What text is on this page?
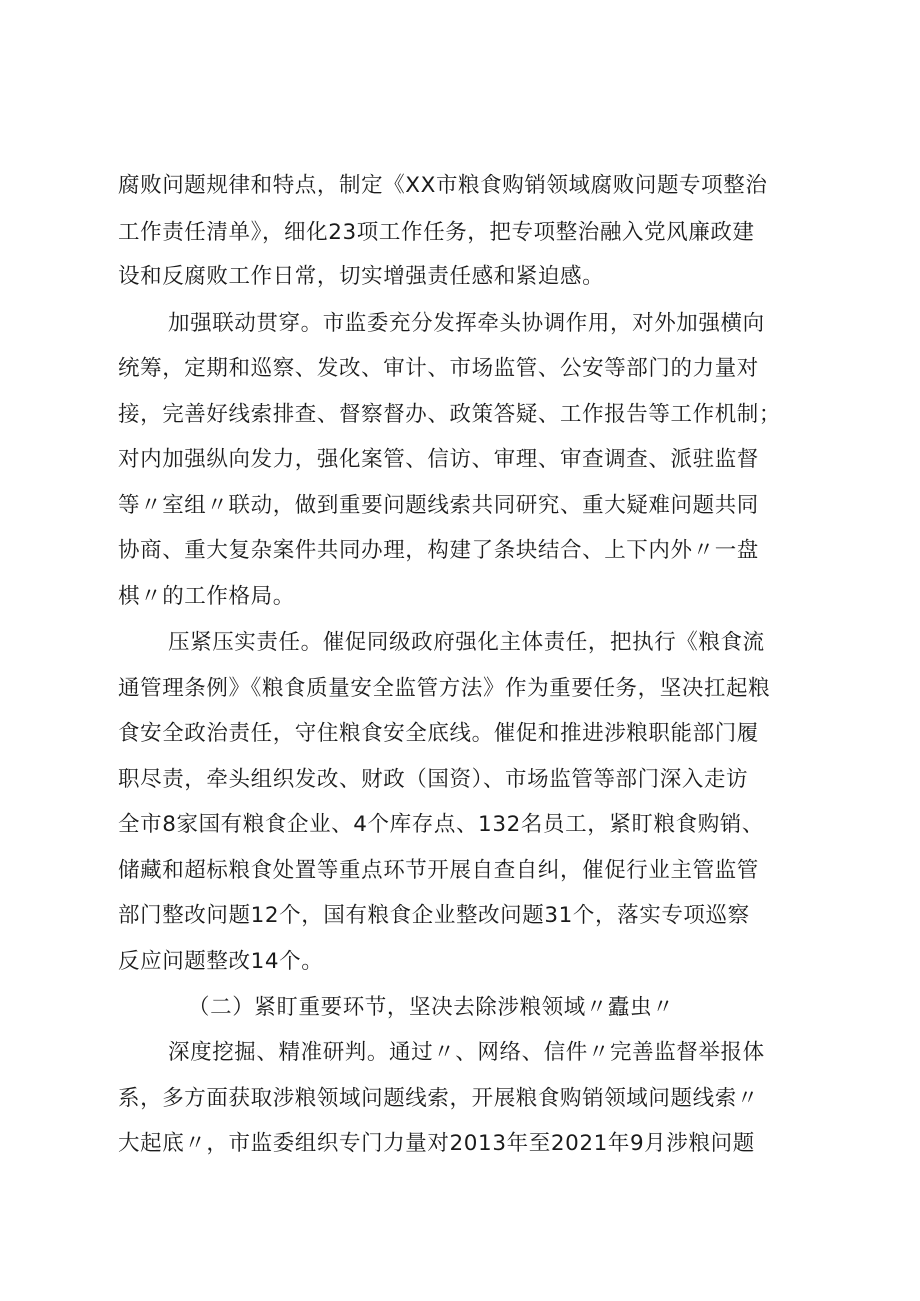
腐败问题规律和特点，制定《XX市粮食购销领域腐败问题专项整治
工作责任清单》，细化23项工作任务，把专项整治融入党风廉政建
设和反腐败工作日常，切实增强责任感和紧迫感。
加强联动贯穿。市监委充分发挥牵头协调作用，对外加强横向
统筹，定期和巡察、发改、审计、市场监管、公安等部门的力量对
接，完善好线索排查、督察督办、政策答疑、工作报告等工作机制；
对内加强纵向发力，强化案管、信访、审理、审查调查、派驻监督
等〃室组〃联动，做到重要问题线索共同研究、重大疑难问题共同
协商、重大复杂案件共同办理，构建了条块结合、上下内外〃一盘
棋〃的工作格局。
压紧压实责任。催促同级政府强化主体责任，把执行《粮食流
通管理条例》《粮食质量安全监管方法》作为重要任务，坚决扛起粮
食安全政治责任，守住粮食安全底线。催促和推进涉粮职能部门履
职尽责，牵头组织发改、财政（国资）、市场监管等部门深入走访
全市8家国有粮食企业、4个库存点、132名员工，紧盯粮食购销、
储藏和超标粮食处置等重点环节开展自查自纠，催促行业主管监管
部门整改问题12个，国有粮食企业整改问题31个，落实专项巡察
反应问题整改14个。
（二）紧盯重要环节，坚决去除涉粮领域〃蠹虫〃
深度挖掘、精准研判。通过〃、网络、信件〃完善监督举报体
系，多方面获取涉粮领域问题线索，开展粮食购销领域问题线索〃
大起底〃，市监委组织专门力量对2013年至2021年9月涉粮问题
